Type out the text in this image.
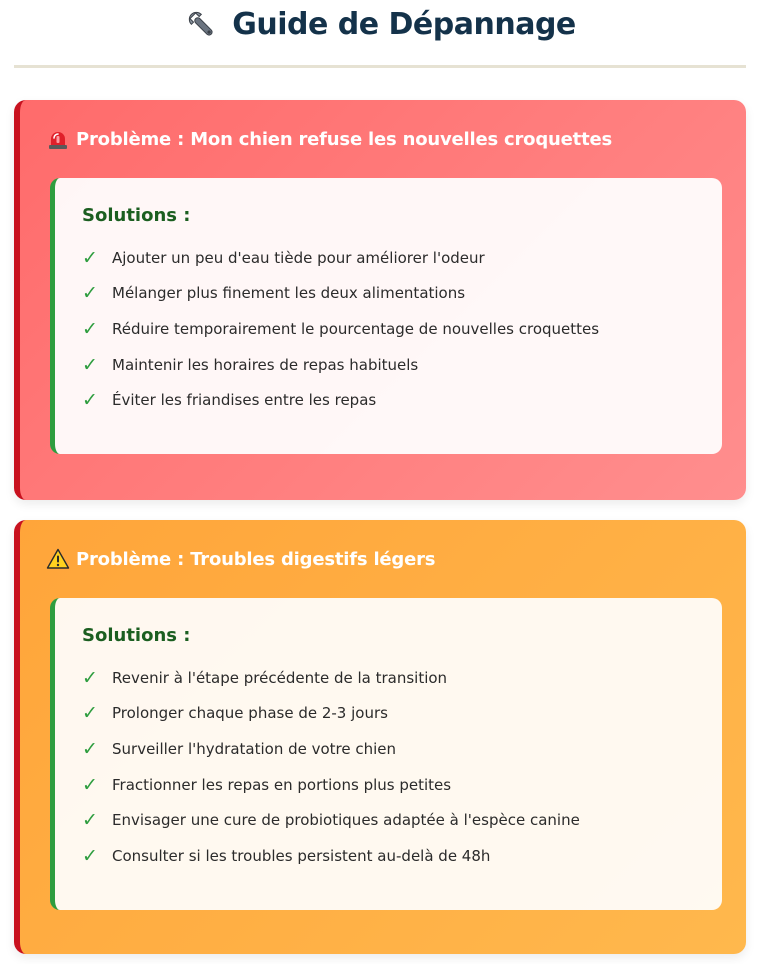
Guide de Dépannage
Problème : Mon chien refuse les nouvelles croquettes
Solutions :
✓ Ajouter un peu d'eau tiède pour améliorer l'odeur
✓ Mélanger plus finement les deux alimentations
✓ Réduire temporairement le pourcentage de nouvelles croquettes
✓ Maintenir les horaires de repas habituels
✓ Éviter les friandises entre les repas
Problème : Troubles digestifs légers
Solutions :
✓ Revenir à l'étape précédente de la transition
✓ Prolonger chaque phase de 2-3 jours
✓ Surveiller l'hydratation de votre chien
✓ Fractionner les repas en portions plus petites
✓ Envisager une cure de probiotiques adaptée à l'espèce canine
✓ Consulter si les troubles persistent au-delà de 48h
